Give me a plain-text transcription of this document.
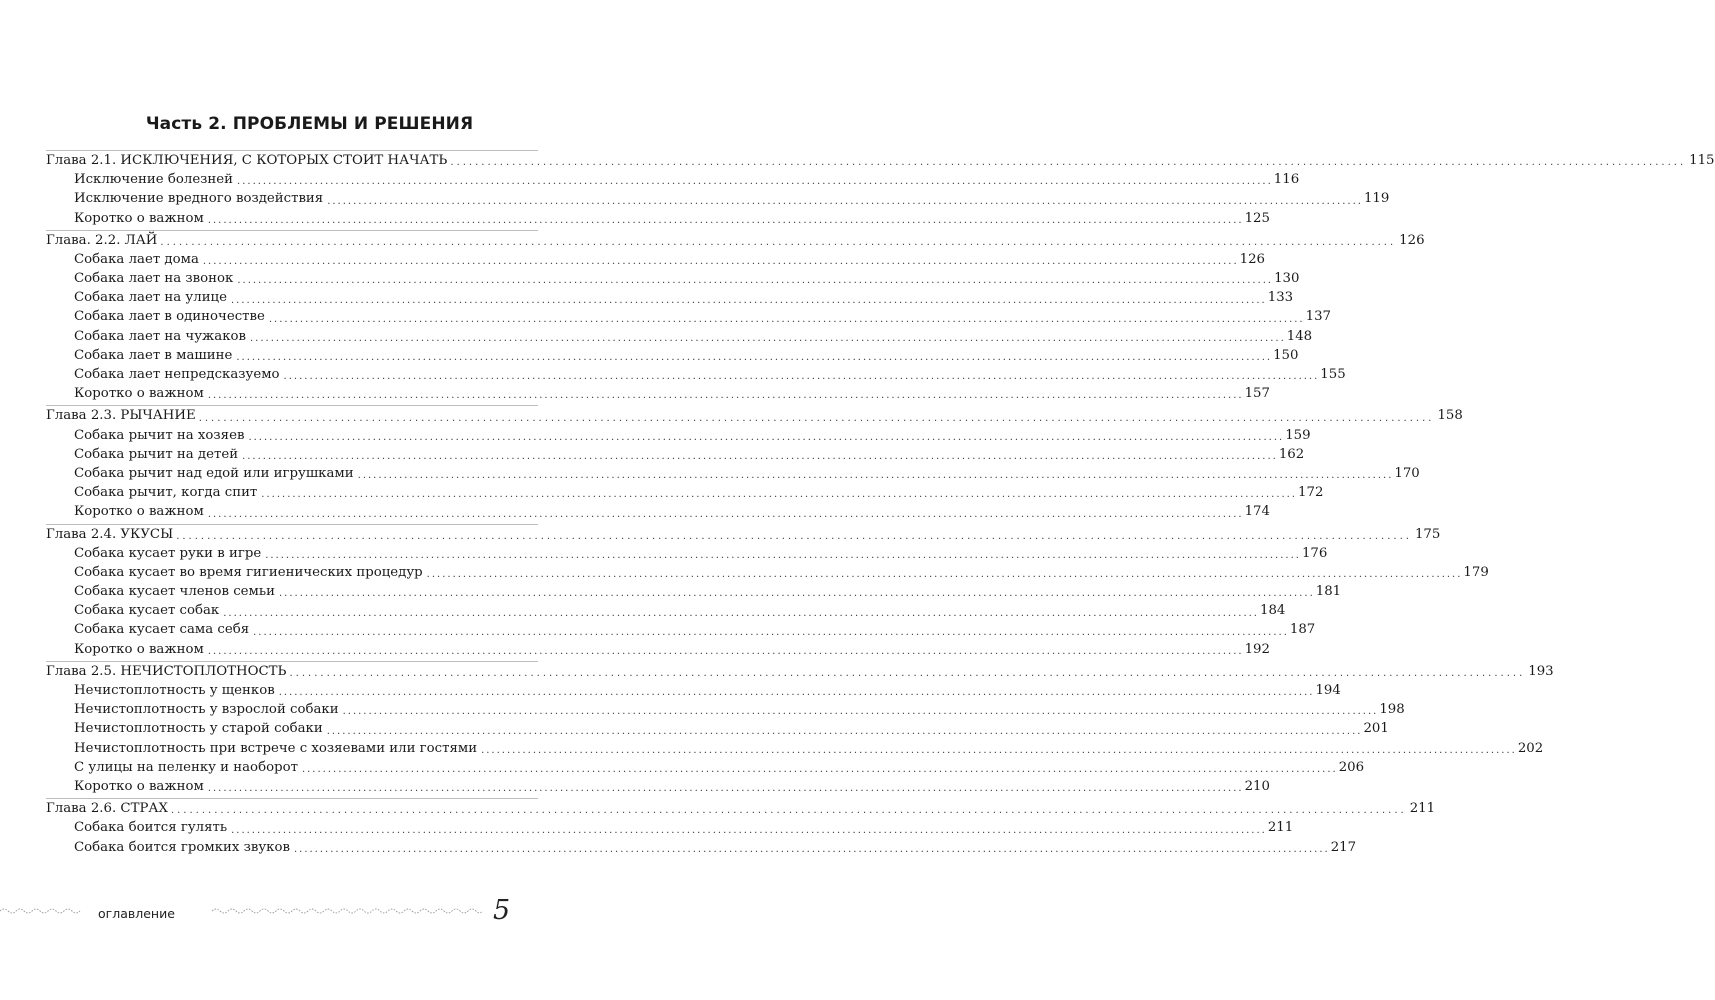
Часть 2. ПРОБЛЕМЫ И РЕШЕНИЯ
Глава 2.1. ИСКЛЮЧЕНИЯ, С КОТОРЫХ СТОИТ НАЧАТЬ ........................................................................................................................................................................................................ 115
Исключение болезней ........................................................................................................................................................................................................ 116
Исключение вредного воздействия ........................................................................................................................................................................................................ 119
Коротко о важном ........................................................................................................................................................................................................ 125
Глава. 2.2. ЛАЙ ........................................................................................................................................................................................................ 126
Собака лает дома ........................................................................................................................................................................................................ 126
Собака лает на звонок ........................................................................................................................................................................................................ 130
Собака лает на улице ........................................................................................................................................................................................................ 133
Собака лает в одиночестве ........................................................................................................................................................................................................ 137
Собака лает на чужаков ........................................................................................................................................................................................................ 148
Собака лает в машине ........................................................................................................................................................................................................ 150
Собака лает непредсказуемо ........................................................................................................................................................................................................ 155
Коротко о важном ........................................................................................................................................................................................................ 157
Глава 2.3. РЫЧАНИЕ ........................................................................................................................................................................................................ 158
Собака рычит на хозяев ........................................................................................................................................................................................................ 159
Собака рычит на детей ........................................................................................................................................................................................................ 162
Собака рычит над едой или игрушками ........................................................................................................................................................................................................ 170
Собака рычит, когда спит ........................................................................................................................................................................................................ 172
Коротко о важном ........................................................................................................................................................................................................ 174
Глава 2.4. УКУСЫ ........................................................................................................................................................................................................ 175
Собака кусает руки в игре ........................................................................................................................................................................................................ 176
Собака кусает во время гигиенических процедур ........................................................................................................................................................................................................ 179
Собака кусает членов семьи ........................................................................................................................................................................................................ 181
Собака кусает собак ........................................................................................................................................................................................................ 184
Собака кусает сама себя ........................................................................................................................................................................................................ 187
Коротко о важном ........................................................................................................................................................................................................ 192
Глава 2.5. НЕЧИСТОПЛОТНОСТЬ ........................................................................................................................................................................................................ 193
Нечистоплотность у щенков ........................................................................................................................................................................................................ 194
Нечистоплотность у взрослой собаки ........................................................................................................................................................................................................ 198
Нечистоплотность у старой собаки ........................................................................................................................................................................................................ 201
Нечистоплотность при встрече с хозяевами или гостями ........................................................................................................................................................................................................ 202
С улицы на пеленку и наоборот ........................................................................................................................................................................................................ 206
Коротко о важном ........................................................................................................................................................................................................ 210
Глава 2.6. СТРАХ ........................................................................................................................................................................................................ 211
Собака боится гулять ........................................................................................................................................................................................................ 211
Собака боится громких звуков ........................................................................................................................................................................................................ 217
оглавление	5
